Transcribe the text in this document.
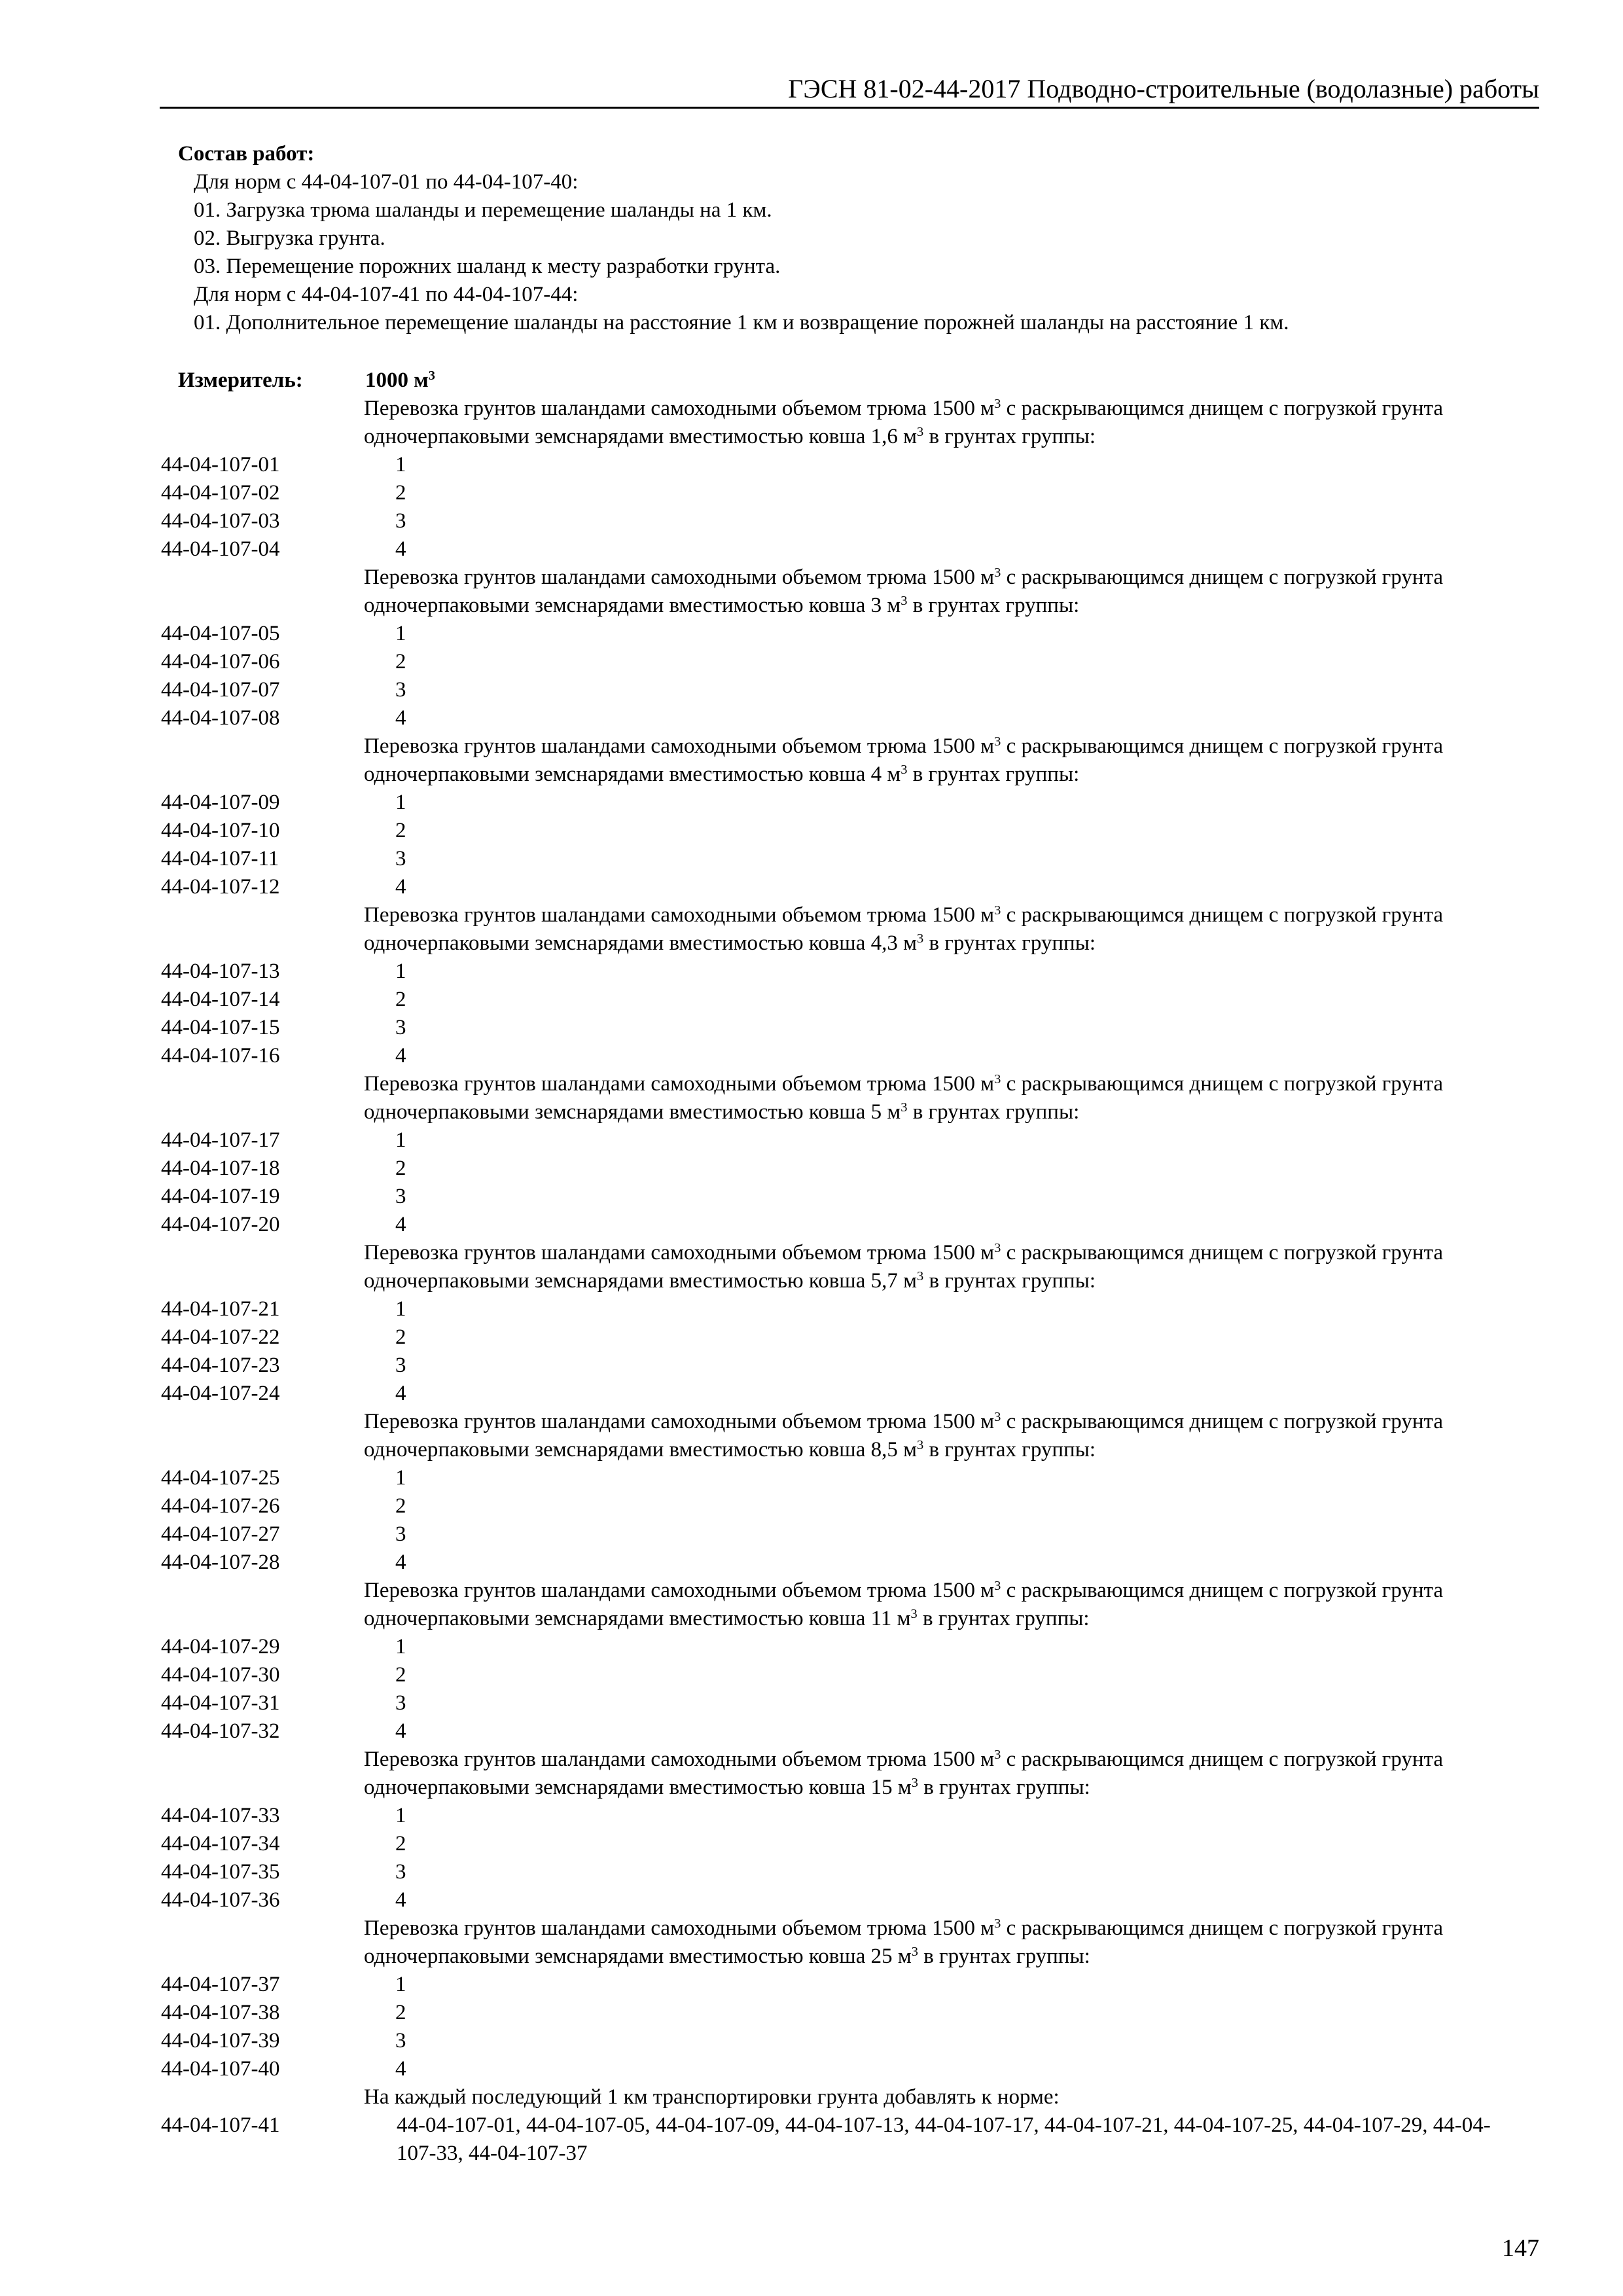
ГЭСН 81-02-44-2017 Подводно-строительные (водолазные) работы
Состав работ:
Для норм с 44-04-107-01 по 44-04-107-40:
01. Загрузка трюма шаланды и перемещение шаланды на 1 км.
02. Выгрузка грунта.
03. Перемещение порожних шаланд к месту разработки грунта.
Для норм с 44-04-107-41 по 44-04-107-44:
01. Дополнительное перемещение шаланды на расстояние 1 км и возвращение порожней шаланды на расстояние 1 км.
Измеритель:	1000 $м^3$
Перевозка грунтов шаландами самоходными объемом трюма 1500 $м^3$ с раскрывающимся днищем с погрузкой грунта одночерпаковыми земснарядами вместимостью ковша 1,6 $м^3$ в грунтах группы:
44-04-107-01	1
44-04-107-02	2
44-04-107-03	3
44-04-107-04	4
Перевозка грунтов шаландами самоходными объемом трюма 1500 $м^3$ с раскрывающимся днищем с погрузкой грунта одночерпаковыми земснарядами вместимостью ковша 3 $м^3$ в грунтах группы:
44-04-107-05	1
44-04-107-06	2
44-04-107-07	3
44-04-107-08	4
Перевозка грунтов шаландами самоходными объемом трюма 1500 $м^3$ с раскрывающимся днищем с погрузкой грунта одночерпаковыми земснарядами вместимостью ковша 4 $м^3$ в грунтах группы:
44-04-107-09	1
44-04-107-10	2
44-04-107-11	3
44-04-107-12	4
Перевозка грунтов шаландами самоходными объемом трюма 1500 $м^3$ с раскрывающимся днищем с погрузкой грунта одночерпаковыми земснарядами вместимостью ковша 4,3 $м^3$ в грунтах группы:
44-04-107-13	1
44-04-107-14	2
44-04-107-15	3
44-04-107-16	4
Перевозка грунтов шаландами самоходными объемом трюма 1500 $м^3$ с раскрывающимся днищем с погрузкой грунта одночерпаковыми земснарядами вместимостью ковша 5 $м^3$ в грунтах группы:
44-04-107-17	1
44-04-107-18	2
44-04-107-19	3
44-04-107-20	4
Перевозка грунтов шаландами самоходными объемом трюма 1500 $м^3$ с раскрывающимся днищем с погрузкой грунта одночерпаковыми земснарядами вместимостью ковша 5,7 $м^3$ в грунтах группы:
44-04-107-21	1
44-04-107-22	2
44-04-107-23	3
44-04-107-24	4
Перевозка грунтов шаландами самоходными объемом трюма 1500 $м^3$ с раскрывающимся днищем с погрузкой грунта одночерпаковыми земснарядами вместимостью ковша 8,5 $м^3$ в грунтах группы:
44-04-107-25	1
44-04-107-26	2
44-04-107-27	3
44-04-107-28	4
Перевозка грунтов шаландами самоходными объемом трюма 1500 $м^3$ с раскрывающимся днищем с погрузкой грунта одночерпаковыми земснарядами вместимостью ковша 11 $м^3$ в грунтах группы:
44-04-107-29	1
44-04-107-30	2
44-04-107-31	3
44-04-107-32	4
Перевозка грунтов шаландами самоходными объемом трюма 1500 $м^3$ с раскрывающимся днищем с погрузкой грунта одночерпаковыми земснарядами вместимостью ковша 15 $м^3$ в грунтах группы:
44-04-107-33	1
44-04-107-34	2
44-04-107-35	3
44-04-107-36	4
Перевозка грунтов шаландами самоходными объемом трюма 1500 $м^3$ с раскрывающимся днищем с погрузкой грунта одночерпаковыми земснарядами вместимостью ковша 25 $м^3$ в грунтах группы:
44-04-107-37	1
44-04-107-38	2
44-04-107-39	3
44-04-107-40	4
На каждый последующий 1 км транспортировки грунта добавлять к норме:
44-04-107-41	44-04-107-01, 44-04-107-05, 44-04-107-09, 44-04-107-13, 44-04-107-17, 44-04-107-21, 44-04-107-25, 44-04-107-29, 44-04-107-33, 44-04-107-37
147
